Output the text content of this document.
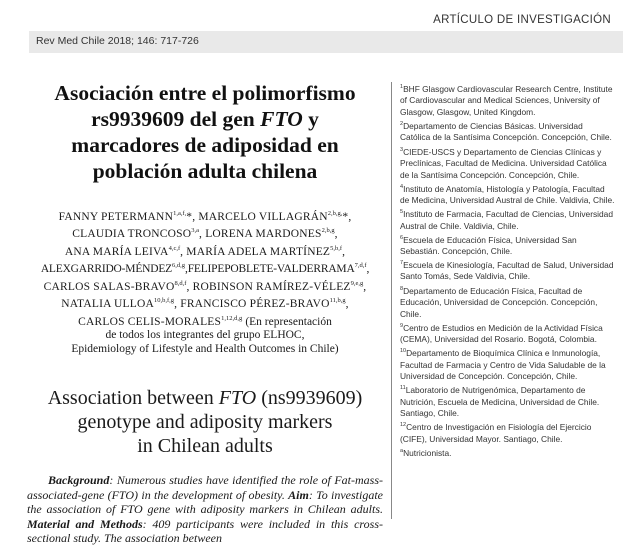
ARTÍCULO DE INVESTIGACIÓN
Rev Med Chile 2018; 146: 717-726
Asociación entre el polimorfismo
rs9939609 del gen FTO y
marcadores de adiposidad en
población adulta chilena
FANNY $PETERMANN^{1,a,f,}*$, MARCELO $VILLAGRÁN^{2,b,g,}*$,
CLAUDIA TRONCOSO$^{3,a}$, LORENA MARDONES$^{2,b,g}$,
ANA MARÍA LEIVA$^{4,c,f}$, MARÍA ADELA MARTÍNEZ$^{5,b,f}$,
ALEXGARRIDO-MÉNDEZ$^{6,d,g}$,FELIPEPOBLETE-VALDERRAMA$^{7,d,f}$,
CARLOS SALAS-BRAVO$^{8,d,f}$, ROBINSON RAMÍREZ-VÉLEZ$^{9,e,g}$,
NATALIA ULLOA$^{10,b,f,g}$, FRANCISCO PÉREZ-BRAVO$^{11,b,g}$,
CARLOS CELIS-MORALES$^{1,12,d,g}$ (En representación
de todos los integrantes del grupo ELHOC,
Epidemiology of Lifestyle and Health Outcomes in Chile)
Association between FTO (ns9939609)
genotype and adiposity markers
in Chilean adults
Background: Numerous studies have identified the role of Fat-mass-associated-gene (FTO) in the development of obesity. Aim: To investigate the association of FTO gene with adiposity markers in Chilean adults. Material and Methods: 409 participants were included in this cross-sectional study. The association between
$^1$BHF Glasgow Cardiovascular Research Centre, Institute of Cardiovascular and Medical Sciences, University of Glasgow, Glasgow, United Kingdom.
$^2$Departamento de Ciencias Básicas. Universidad Católica de la Santísima Concepción. Concepción, Chile.
$^3$CIEDE-USCS y Departamento de Ciencias Clínicas y Preclínicas, Facultad de Medicina. Universidad Católica de la Santísima Concepción. Concepción, Chile.
$^4$Instituto de Anatomía, Histología y Patología, Facultad de Medicina, Universidad Austral de Chile. Valdivia, Chile.
$^5$Instituto de Farmacia, Facultad de Ciencias, Universidad Austral de Chile. Valdivia, Chile.
$^6$Escuela de Educación Física, Universidad San Sebastián. Concepción, Chile.
$^7$Escuela de Kinesiología, Facultad de Salud, Universidad Santo Tomás, Sede Valdivia, Chile.
$^8$Departamento de Educación Física, Facultad de Educación, Universidad de Concepción. Concepción, Chile.
$^9$Centro de Estudios en Medición de la Actividad Física (CEMA), Universidad del Rosario. Bogotá, Colombia.
$^{10}$Departamento de Bioquímica Clínica e Inmunología, Facultad de Farmacia y Centro de Vida Saludable de la Universidad de Concepción. Concepción, Chile.
$^{11}$Laboratorio de Nutrigenómica, Departamento de Nutrición, Escuela de Medicina, Universidad de Chile. Santiago, Chile.
$^{12}$Centro de Investigación en Fisiología del Ejercicio (CIFE), Universidad Mayor. Santiago, Chile.
$^a$Nutricionista.
